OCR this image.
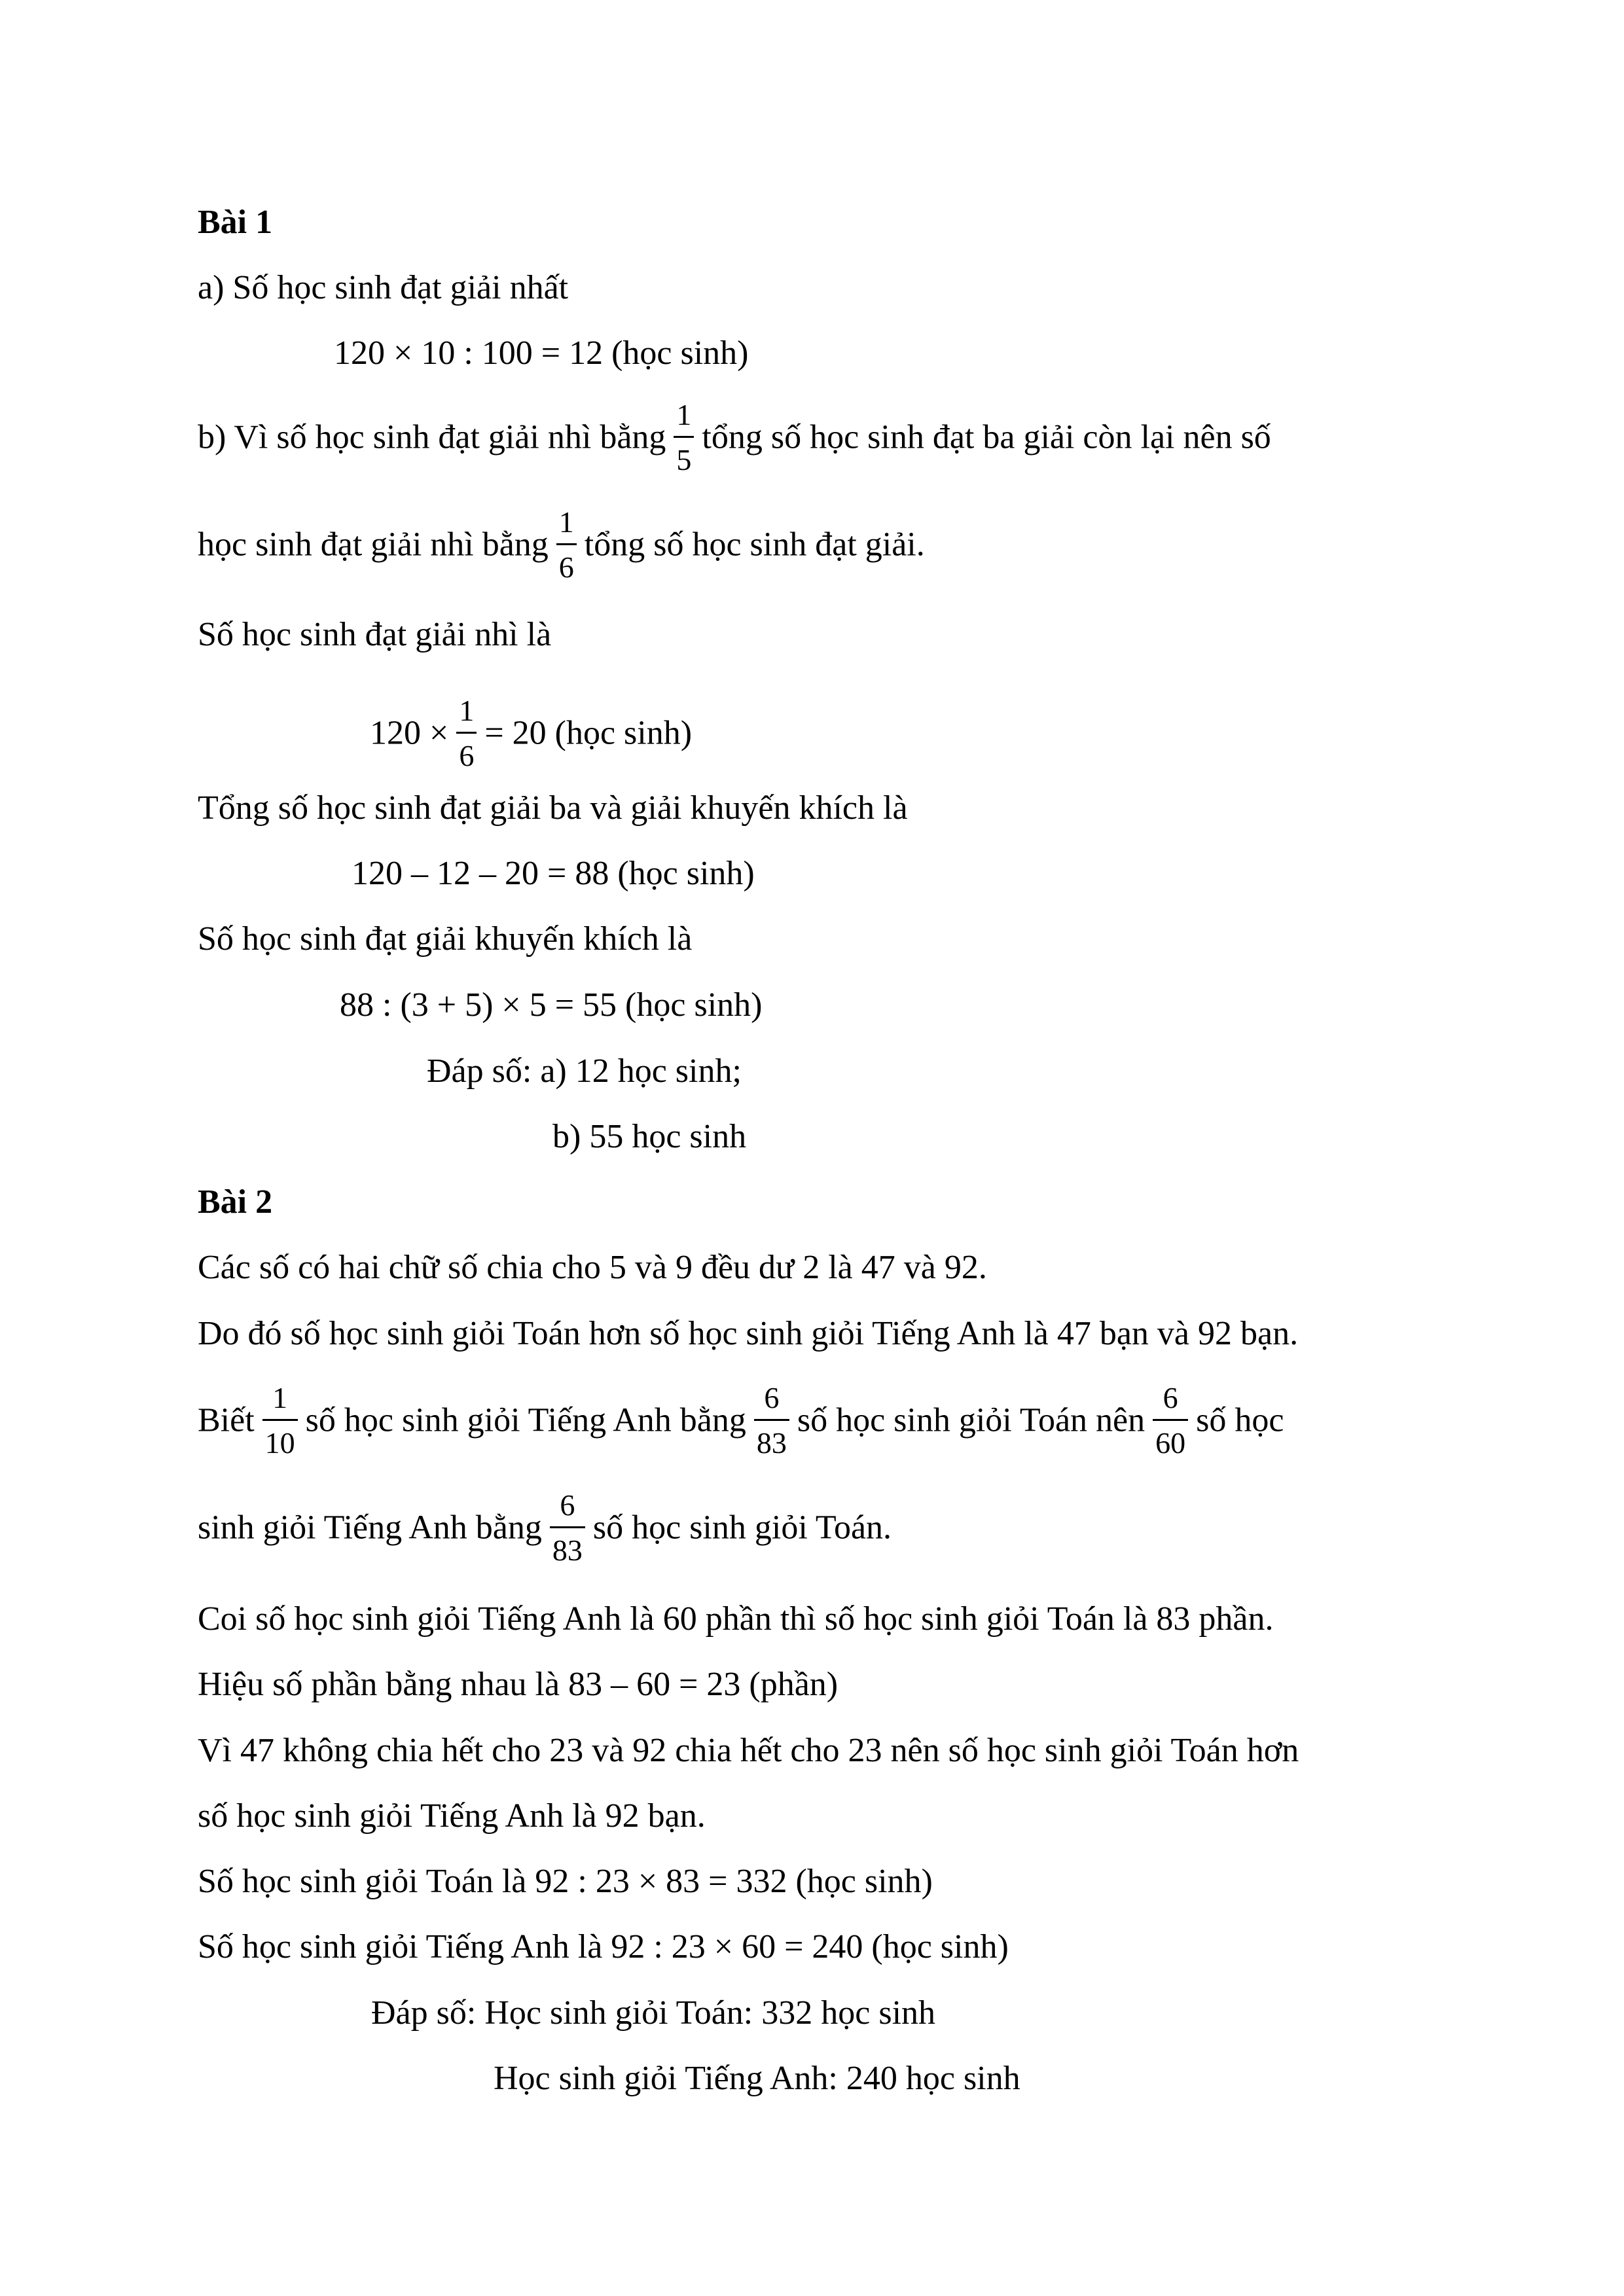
Bài 1
a) Số học sinh đạt giải nhất
120 × 10 : 100 = 12 (học sinh)
b) Vì số học sinh đạt giải nhì bằng $\frac{1}{5}$ tổng số học sinh đạt ba giải còn lại nên số
học sinh đạt giải nhì bằng $\frac{1}{6}$ tổng số học sinh đạt giải.
Số học sinh đạt giải nhì là
$120 \times \frac{1}{6} = 20$ (học sinh)
Tổng số học sinh đạt giải ba và giải khuyến khích là
120 – 12 – 20 = 88 (học sinh)
Số học sinh đạt giải khuyến khích là
88 : (3 + 5) × 5 = 55 (học sinh)
Đáp số: a) 12 học sinh;
b) 55 học sinh
Bài 2
Các số có hai chữ số chia cho 5 và 9 đều dư 2 là 47 và 92.
Do đó số học sinh giỏi Toán hơn số học sinh giỏi Tiếng Anh là 47 bạn và 92 bạn.
Biết $\frac{1}{10}$ số học sinh giỏi Tiếng Anh bằng $\frac{6}{83}$ số học sinh giỏi Toán nên $\frac{6}{60}$ số học
sinh giỏi Tiếng Anh bằng $\frac{6}{83}$ số học sinh giỏi Toán.
Coi số học sinh giỏi Tiếng Anh là 60 phần thì số học sinh giỏi Toán là 83 phần.
Hiệu số phần bằng nhau là 83 – 60 = 23 (phần)
Vì 47 không chia hết cho 23 và 92 chia hết cho 23 nên số học sinh giỏi Toán hơn
số học sinh giỏi Tiếng Anh là 92 bạn.
Số học sinh giỏi Toán là 92 : 23 × 83 = 332 (học sinh)
Số học sinh giỏi Tiếng Anh là 92 : 23 × 60 = 240 (học sinh)
Đáp số: Học sinh giỏi Toán: 332 học sinh
Học sinh giỏi Tiếng Anh: 240 học sinh
